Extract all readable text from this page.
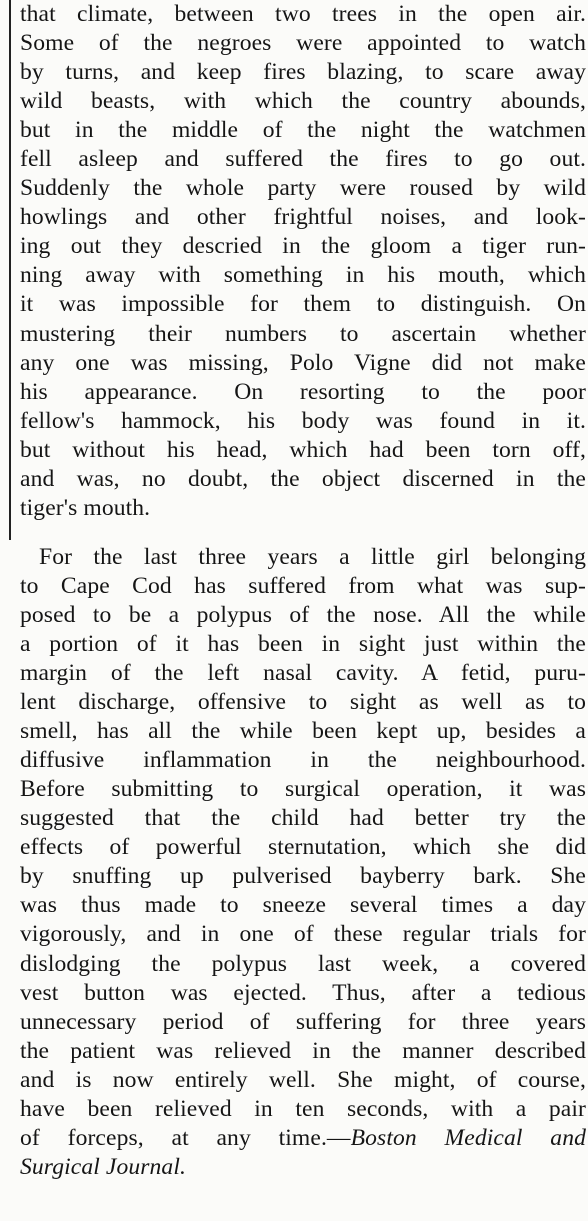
that climate, between two trees in the open air.
Some of the negroes were appointed to watch
by turns, and keep fires blazing, to scare away
wild beasts, with which the country abounds,
but in the middle of the night the watchmen
fell asleep and suffered the fires to go out.
Suddenly the whole party were roused by wild
howlings and other frightful noises, and look-
ing out they descried in the gloom a tiger run-
ning away with something in his mouth, which
it was impossible for them to distinguish. On
mustering their numbers to ascertain whether
any one was missing, Polo Vigne did not make
his appearance. On resorting to the poor
fellow's hammock, his body was found in it.
but without his head, which had been torn off,
and was, no doubt, the object discerned in the
tiger's mouth.
For the last three years a little girl belonging
to Cape Cod has suffered from what was sup-
posed to be a polypus of the nose. All the while
a portion of it has been in sight just within the
margin of the left nasal cavity. A fetid, puru-
lent discharge, offensive to sight as well as to
smell, has all the while been kept up, besides a
diffusive inflammation in the neighbourhood.
Before submitting to surgical operation, it was
suggested that the child had better try the
effects of powerful sternutation, which she did
by snuffing up pulverised bayberry bark. She
was thus made to sneeze several times a day
vigorously, and in one of these regular trials for
dislodging the polypus last week, a covered
vest button was ejected. Thus, after a tedious
unnecessary period of suffering for three years
the patient was relieved in the manner described
and is now entirely well. She might, of course,
have been relieved in ten seconds, with a pair
of forceps, at any time.—Boston Medical and
Surgical Journal.
